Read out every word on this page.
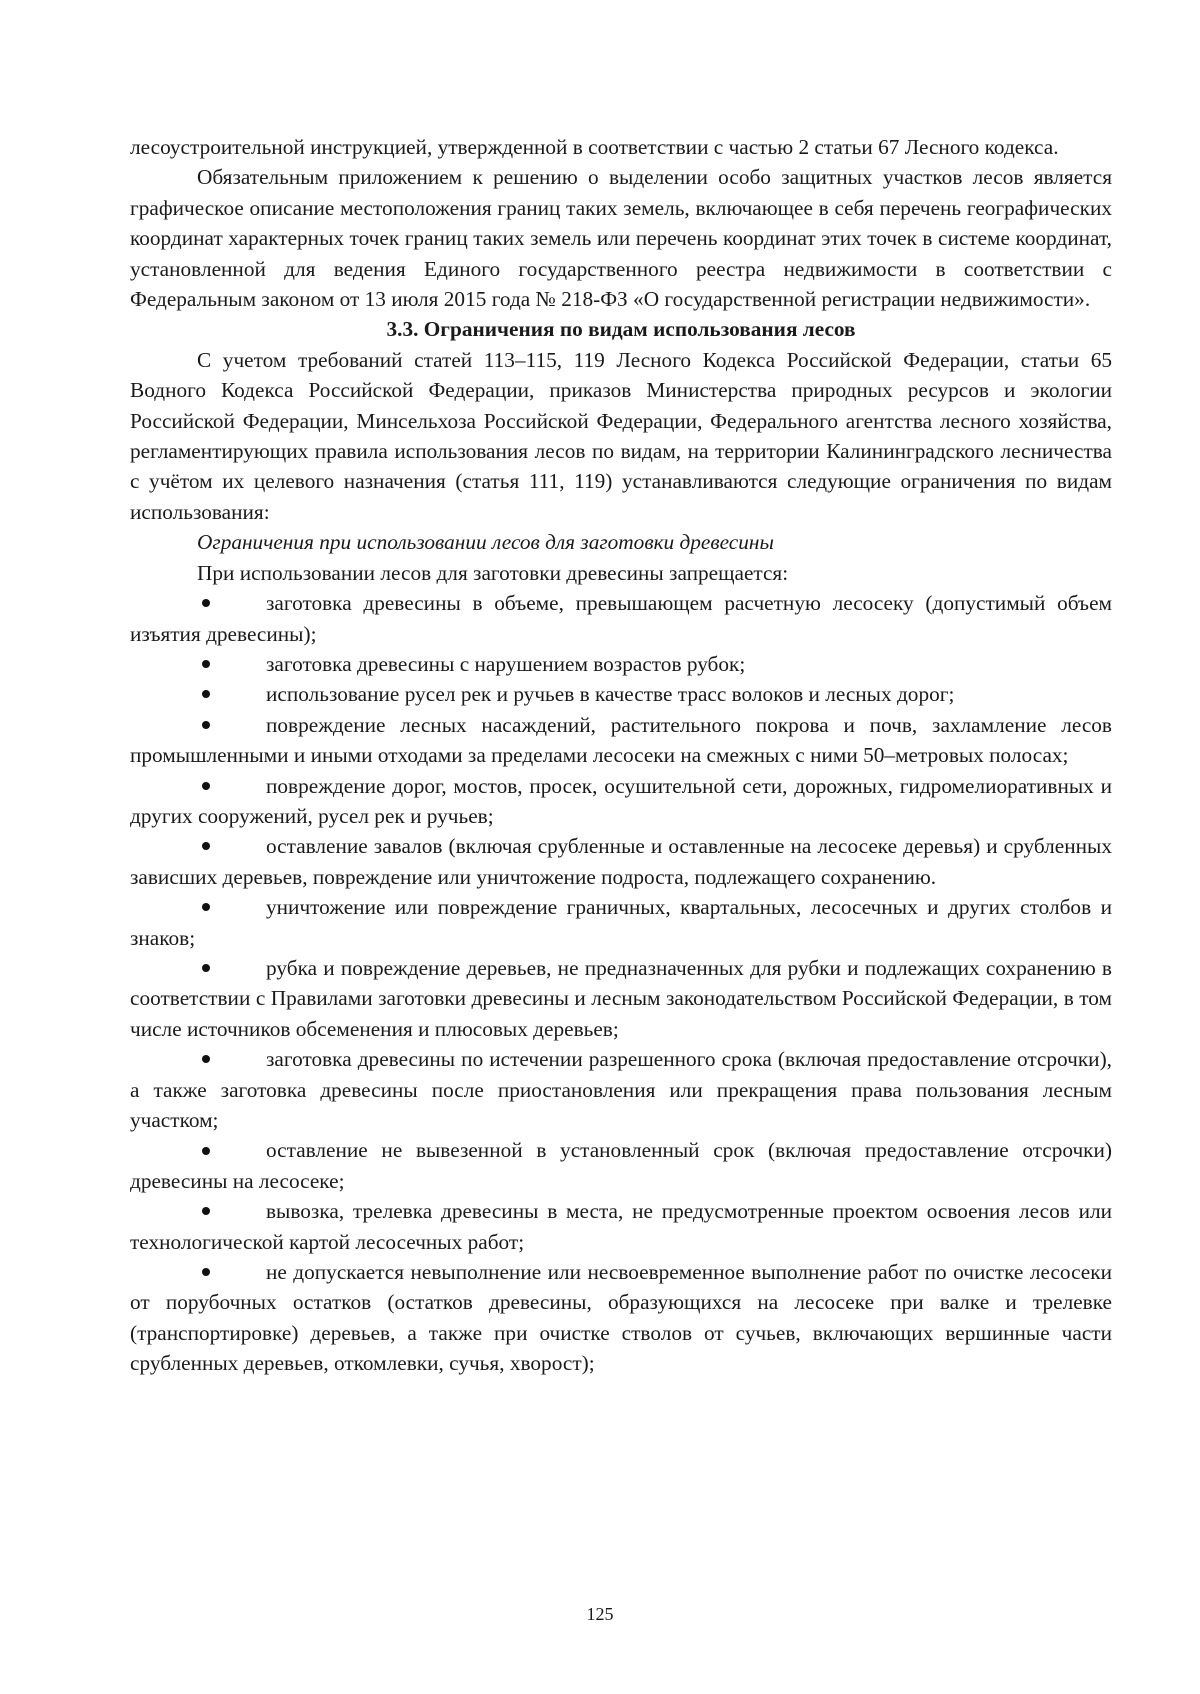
лесоустроительной инструкцией, утвержденной в соответствии с частью 2 статьи 67 Лесного кодекса.

Обязательным приложением к решению о выделении особо защитных участков лесов является графическое описание местоположения границ таких земель, включающее в себя перечень географических координат характерных точек границ таких земель или перечень координат этих точек в системе координат, установленной для ведения Единого государственного реестра недвижимости в соответствии с Федеральным законом от 13 июля 2015 года № 218-ФЗ «О государственной регистрации недвижимости».

3.3. Ограничения по видам использования лесов

С учетом требований статей 113–115, 119 Лесного Кодекса Российской Федерации, статьи 65 Водного Кодекса Российской Федерации, приказов Министерства природных ресурсов и экологии Российской Федерации, Минсельхоза Российской Федерации, Федерального агентства лесного хозяйства, регламентирующих правила использования лесов по видам, на территории Калининградского лесничества с учётом их целевого назначения (статья 111, 119) устанавливаются следующие ограничения по видам использования:

Ограничения при использовании лесов для заготовки древесины

При использовании лесов для заготовки древесины запрещается:

заготовка древесины в объеме, превышающем расчетную лесосеку (допустимый объем изъятия древесины);

заготовка древесины с нарушением возрастов рубок;

использование русел рек и ручьев в качестве трасс волоков и лесных дорог;

повреждение лесных насаждений, растительного покрова и почв, захламление лесов промышленными и иными отходами за пределами лесосеки на смежных с ними 50–метровых полосах;

повреждение дорог, мостов, просек, осушительной сети, дорожных, гидромелиоративных и других сооружений, русел рек и ручьев;

оставление завалов (включая срубленные и оставленные на лесосеке деревья) и срубленных зависших деревьев, повреждение или уничтожение подроста, подлежащего сохранению.

уничтожение или повреждение граничных, квартальных, лесосечных и других столбов и знаков;

рубка и повреждение деревьев, не предназначенных для рубки и подлежащих сохранению в соответствии с Правилами заготовки древесины и лесным законодательством Российской Федерации, в том числе источников обсеменения и плюсовых деревьев;

заготовка древесины по истечении разрешенного срока (включая предоставление отсрочки), а также заготовка древесины после приостановления или прекращения права пользования лесным участком;

оставление не вывезенной в установленный срок (включая предоставление отсрочки) древесины на лесосеке;

вывозка, трелевка древесины в места, не предусмотренные проектом освоения лесов или технологической картой лесосечных работ;

не допускается невыполнение или несвоевременное выполнение работ по очистке лесосеки от порубочных остатков (остатков древесины, образующихся на лесосеке при валке и трелевке (транспортировке) деревьев, а также при очистке стволов от сучьев, включающих вершинные части срубленных деревьев, откомлевки, сучья, хворост);

125
